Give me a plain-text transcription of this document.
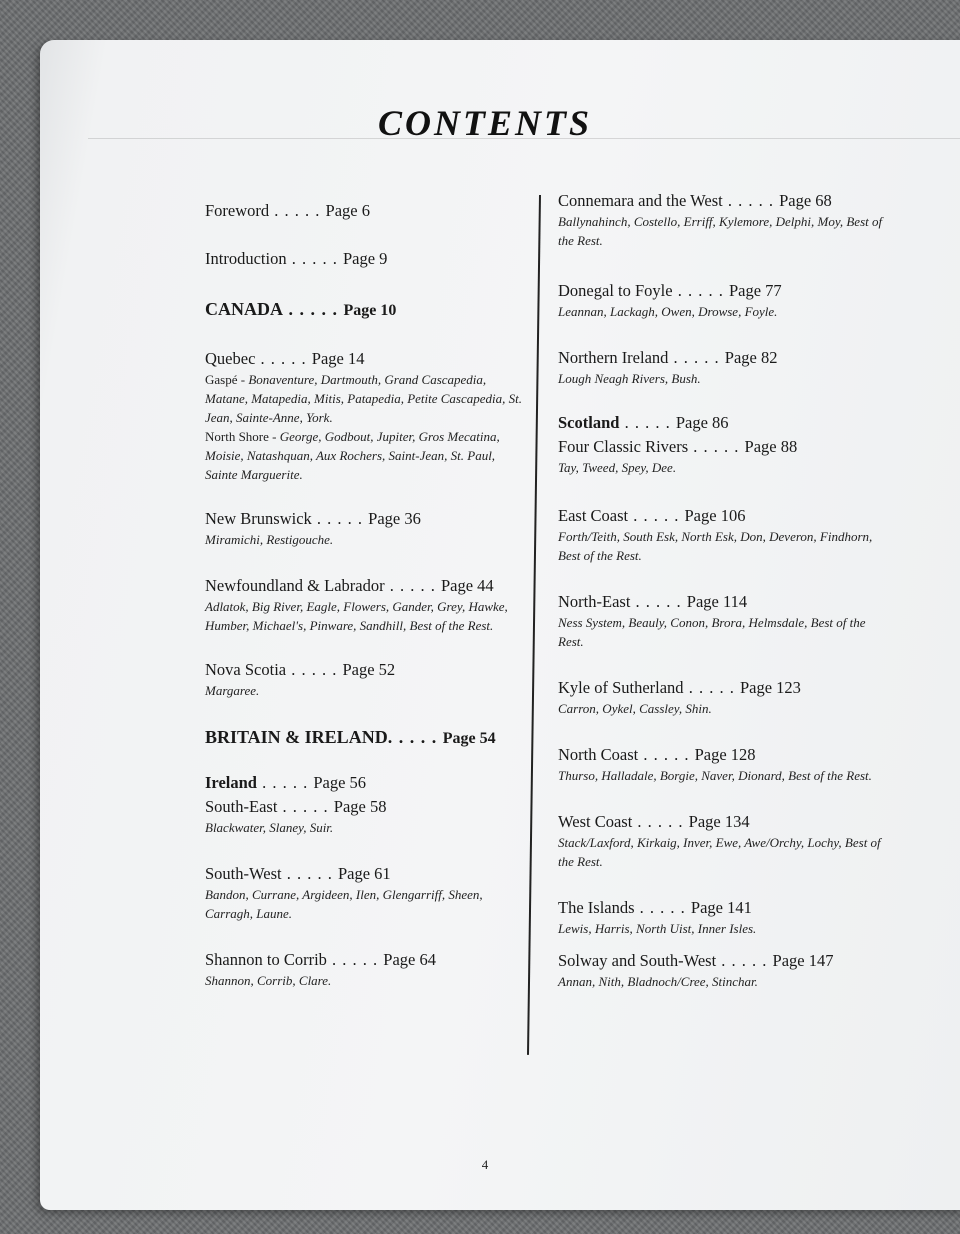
CONTENTS
Foreword . . . . . Page 6
Introduction . . . . . Page 9
CANADA . . . . . Page 10
Quebec . . . . . Page 14
Gaspé - Bonaventure, Dartmouth, Grand Cascapedia, Matane, Matapedia, Mitis, Patapedia, Petite Cascapedia, St. Jean, Sainte-Anne, York.
North Shore - George, Godbout, Jupiter, Gros Mecatina, Moisie, Natashquan, Aux Rochers, Saint-Jean, St. Paul, Sainte Marguerite.
New Brunswick . . . . . Page 36
Miramichi, Restigouche.
Newfoundland & Labrador . . . . . Page 44
Adlatok, Big River, Eagle, Flowers, Gander, Grey, Hawke, Humber, Michael's, Pinware, Sandhill, Best of the Rest.
Nova Scotia . . . . . Page 52
Margaree.
BRITAIN & IRELAND. . . . . Page 54
Ireland . . . . . Page 56
South-East . . . . . Page 58
Blackwater, Slaney, Suir.
South-West . . . . . Page 61
Bandon, Currane, Argideen, Ilen, Glengarriff, Sheen, Carragh, Laune.
Shannon to Corrib . . . . . Page 64
Shannon, Corrib, Clare.
Connemara and the West . . . . . Page 68
Ballynahinch, Costello, Erriff, Kylemore, Delphi, Moy, Best of the Rest.
Donegal to Foyle . . . . . Page 77
Leannan, Lackagh, Owen, Drowse, Foyle.
Northern Ireland . . . . . Page 82
Lough Neagh Rivers, Bush.
Scotland . . . . . Page 86
Four Classic Rivers . . . . . Page 88
Tay, Tweed, Spey, Dee.
East Coast . . . . . Page 106
Forth/Teith, South Esk, North Esk, Don, Deveron, Findhorn, Best of the Rest.
North-East . . . . . Page 114
Ness System, Beauly, Conon, Brora, Helmsdale, Best of the Rest.
Kyle of Sutherland . . . . . Page 123
Carron, Oykel, Cassley, Shin.
North Coast . . . . . Page 128
Thurso, Halladale, Borgie, Naver, Dionard, Best of the Rest.
West Coast . . . . . Page 134
Stack/Laxford, Kirkaig, Inver, Ewe, Awe/Orchy, Lochy, Best of the Rest.
The Islands . . . . . Page 141
Lewis, Harris, North Uist, Inner Isles.
Solway and South-West . . . . . Page 147
Annan, Nith, Bladnoch/Cree, Stinchar.
4
